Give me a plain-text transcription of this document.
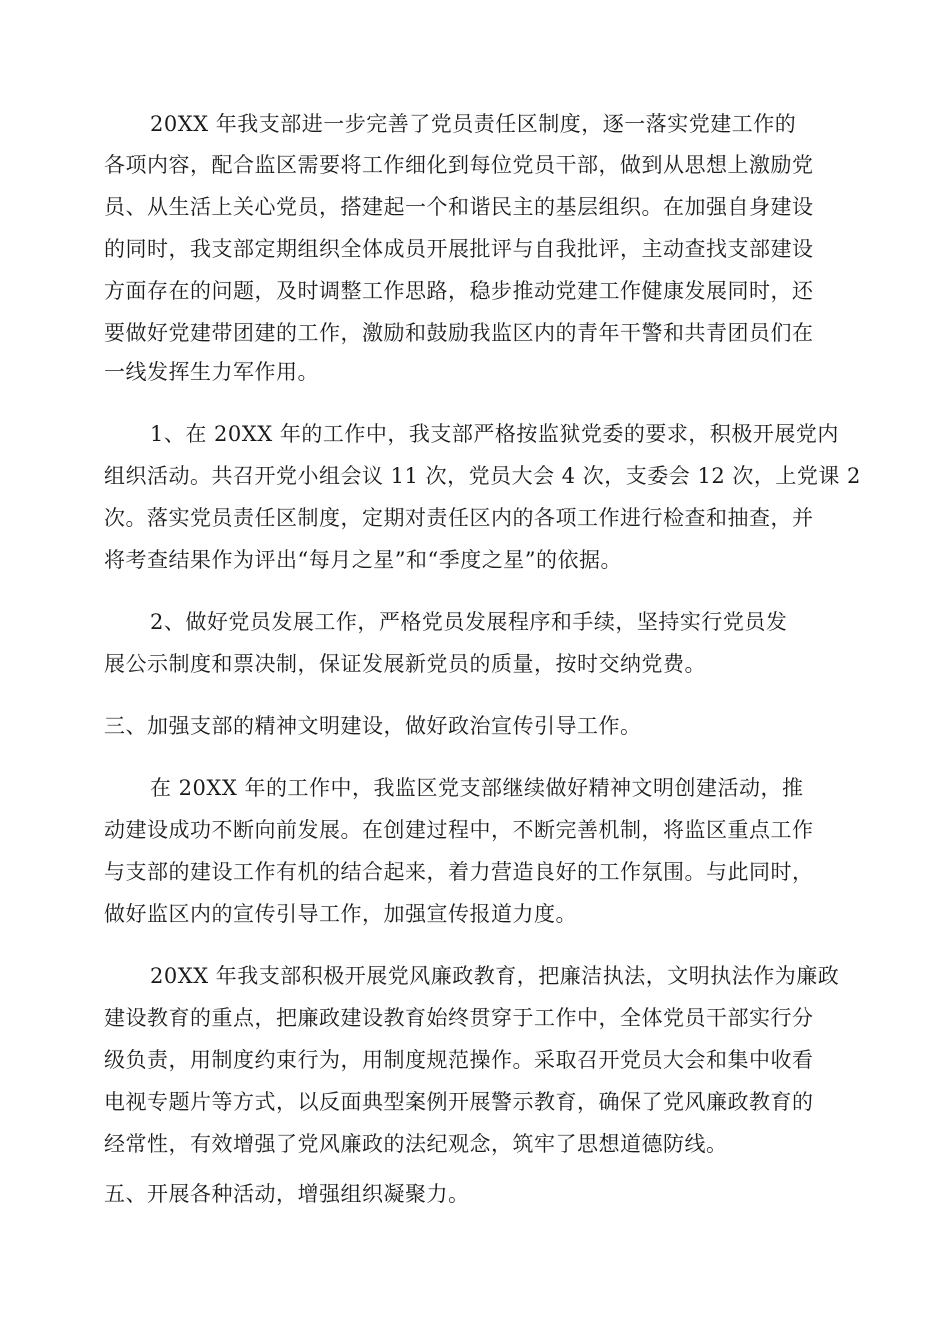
20XX 年我支部进一步完善了党员责任区制度，逐一落实党建工作的
各项内容，配合监区需要将工作细化到每位党员干部，做到从思想上激励党
员、从生活上关心党员，搭建起一个和谐民主的基层组织。在加强自身建设
的同时，我支部定期组织全体成员开展批评与自我批评，主动查找支部建设
方面存在的问题，及时调整工作思路，稳步推动党建工作健康发展同时，还
要做好党建带团建的工作，激励和鼓励我监区内的青年干警和共青团员们在
一线发挥生力军作用。
1、在 20XX 年的工作中，我支部严格按监狱党委的要求，积极开展党内
组织活动。共召开党小组会议 11 次，党员大会 4 次，支委会 12 次，上党课 2
次。落实党员责任区制度，定期对责任区内的各项工作进行检查和抽查，并
将考查结果作为评出“每月之星”和“季度之星”的依据。
2、做好党员发展工作，严格党员发展程序和手续，坚持实行党员发
展公示制度和票决制，保证发展新党员的质量，按时交纳党费。
三、加强支部的精神文明建设，做好政治宣传引导工作。
在 20XX 年的工作中，我监区党支部继续做好精神文明创建活动，推
动建设成功不断向前发展。在创建过程中，不断完善机制，将监区重点工作
与支部的建设工作有机的结合起来，着力营造良好的工作氛围。与此同时，
做好监区内的宣传引导工作，加强宣传报道力度。
20XX 年我支部积极开展党风廉政教育，把廉洁执法，文明执法作为廉政
建设教育的重点，把廉政建设教育始终贯穿于工作中，全体党员干部实行分
级负责，用制度约束行为，用制度规范操作。采取召开党员大会和集中收看
电视专题片等方式，以反面典型案例开展警示教育，确保了党风廉政教育的
经常性，有效增强了党风廉政的法纪观念，筑牢了思想道德防线。
五、开展各种活动，增强组织凝聚力。
